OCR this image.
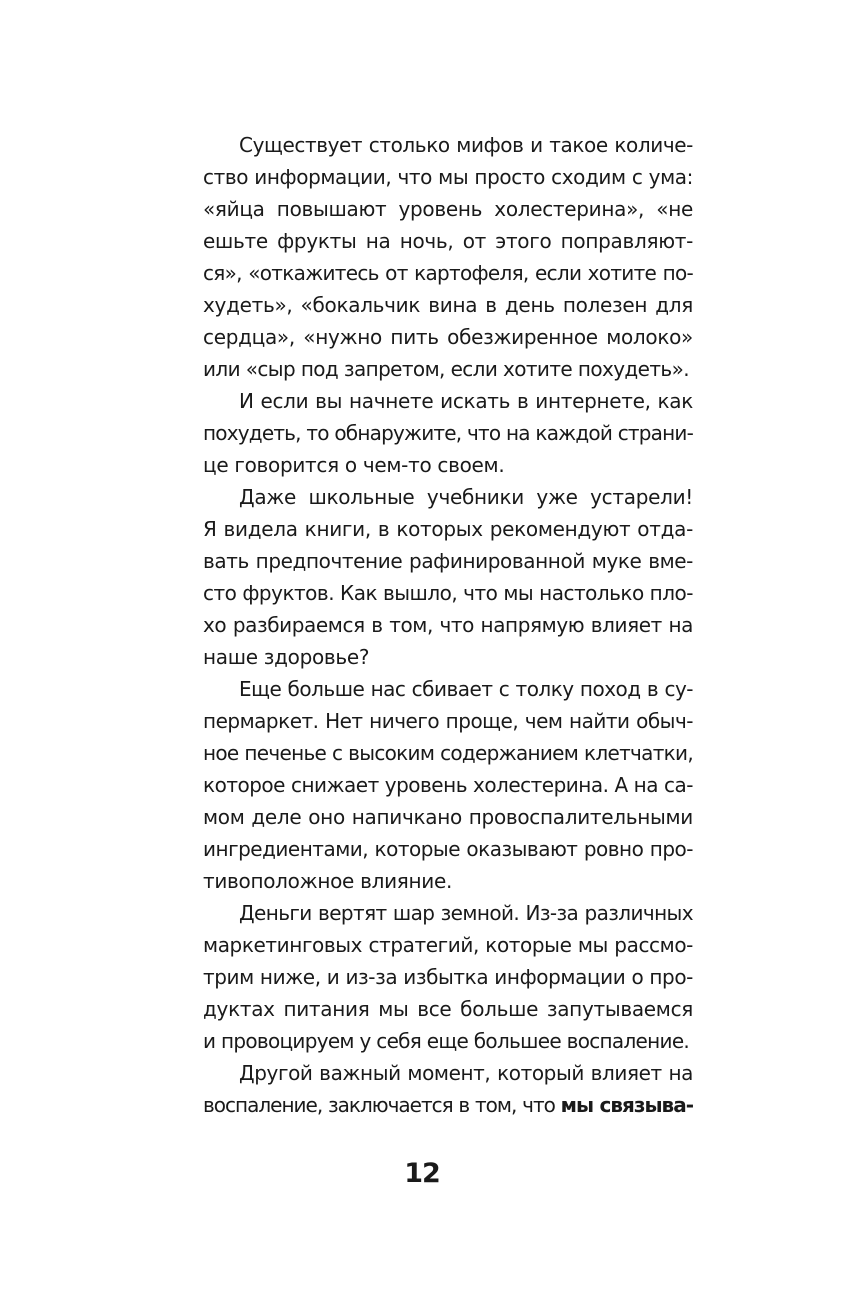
Существует столько мифов и такое количе-
ство информации, что мы просто сходим с ума:
«яйца повышают уровень холестерина», «не
ешьте фрукты на ночь, от этого поправляют-
ся», «откажитесь от картофеля, если хотите по-
худеть», «бокальчик вина в день полезен для
сердца», «нужно пить обезжиренное молоко»
или «сыр под запретом, если хотите похудеть».

И если вы начнете искать в интернете, как
похудеть, то обнаружите, что на каждой страни-
це говорится о чем-то своем.

Даже школьные учебники уже устарели!
Я видела книги, в которых рекомендуют отда-
вать предпочтение рафинированной муке вме-
сто фруктов. Как вышло, что мы настолько пло-
хо разбираемся в том, что напрямую влияет на
наше здоровье?

Еще больше нас сбивает с толку поход в су-
пермаркет. Нет ничего проще, чем найти обыч-
ное печенье с высоким содержанием клетчатки,
которое снижает уровень холестерина. А на са-
мом деле оно напичкано провоспалительными
ингредиентами, которые оказывают ровно про-
тивоположное влияние.

Деньги вертят шар земной. Из-за различных
маркетинговых стратегий, которые мы рассмо-
трим ниже, и из-за избытка информации о про-
дуктах питания мы все больше запутываемся
и провоцируем у себя еще большее воспаление.

Другой важный момент, который влияет на
воспаление, заключается в том, что мы связыва-

12
